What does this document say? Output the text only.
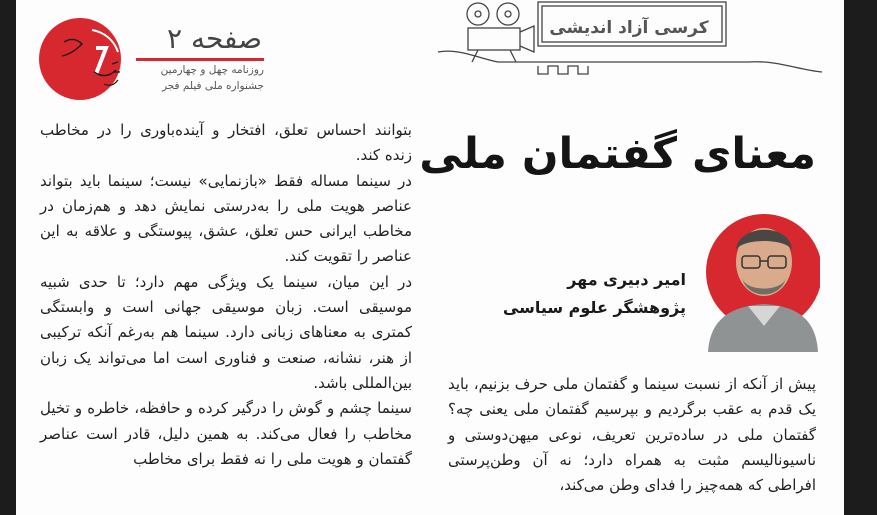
صفحه ۲
روزنامه چهل و چهارمین
جشنواره ملی فیلم فجر

بتوانند احساس تعلق، افتخار و آینده‌باوری را در مخاطب زنده کند.

در سینما مساله فقط «بازنمایی» نیست؛ سینما باید بتواند عناصر هویت ملی را به‌درستی نمایش دهد و هم‌زمان در مخاطب ایرانی حس تعلق، عشق، پیوستگی و علاقه به این عناصر را تقویت کند.

در این میان، سینما یک ویژگی مهم دارد؛ تا حدی شبیه موسیقی است. زبان موسیقی جهانی است و وابستگی کمتری به معناهای زبانی دارد. سینما هم به‌رغم آنکه ترکیبی از هنر، نشانه، صنعت و فناوری است اما می‌تواند یک زبان بین‌المللی باشد.

سینما چشم و گوش را درگیر کرده و حافظه، خاطره و تخیل مخاطب را فعال می‌کند. به همین دلیل، قادر است عناصر گفتمان و هویت ملی را نه فقط برای مخاطب

کرسی آزاد اندیشی
معنای گفتمان ملی
امیر دبیری مهر
پژوهشگر علوم سیاسی

پیش از آنکه از نسبت سینما و گفتمان ملی حرف بزنیم، باید یک قدم به عقب برگردیم و بپرسیم گفتمان ملی یعنی چه؟ گفتمان ملی در ساده‌ترین تعریف، نوعی میهن‌دوستی و ناسیونالیسم مثبت به همراه دارد؛ نه آن وطن‌پرستی افراطی که همه‌چیز را فدای وطن می‌کند،
